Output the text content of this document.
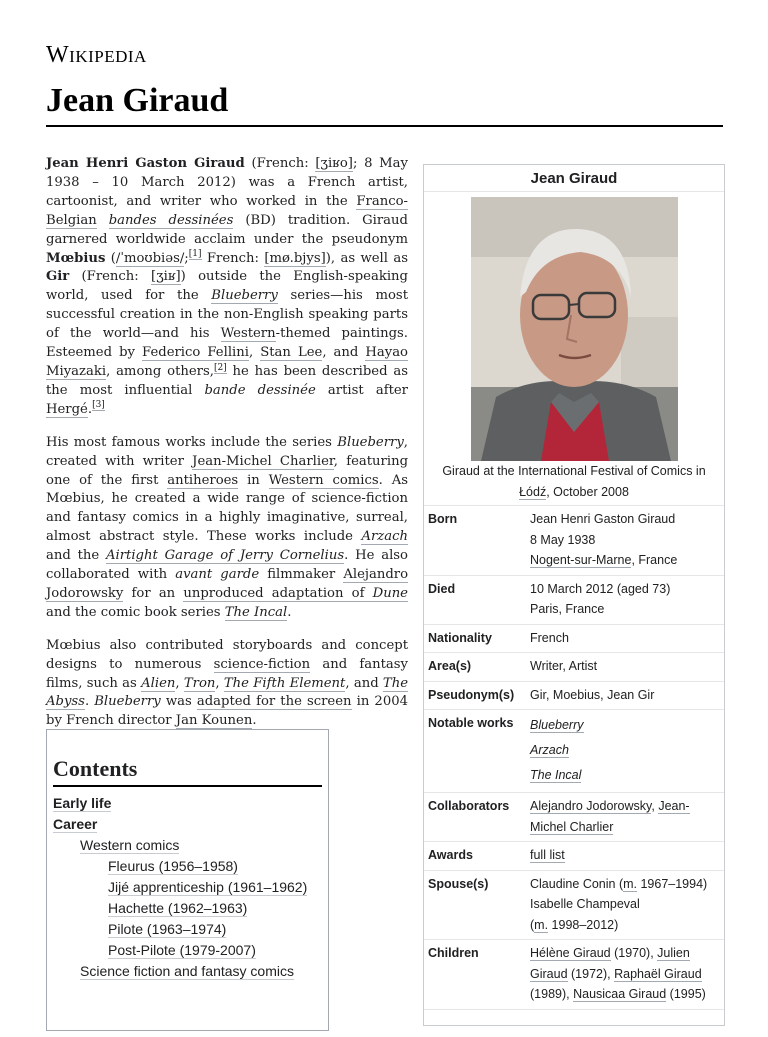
Wikipedia
Jean Giraud

Jean Henri Gaston Giraud (French: [ʒiʁo]; 8 May 1938 – 10 March 2012) was a French artist, cartoonist, and writer who worked in the Franco-Belgian bandes dessinées (BD) tradition. Giraud garnered worldwide acclaim under the pseudonym Mœbius (/ˈmoʊbiəs/;[1] French: [mø.bjys]), as well as Gir (French: [ʒiʁ]) outside the English-speaking world, used for the Blueberry series—his most successful creation in the non-English speaking parts of the world—and his Western-themed paintings. Esteemed by Federico Fellini, Stan Lee, and Hayao Miyazaki, among others,[2] he has been described as the most influential bande dessinée artist after Hergé.[3]

His most famous works include the series Blueberry, created with writer Jean-Michel Charlier, featuring one of the first antiheroes in Western comics. As Mœbius, he created a wide range of science-fiction and fantasy comics in a highly imaginative, surreal, almost abstract style. These works include Arzach and the Airtight Garage of Jerry Cornelius. He also collaborated with avant garde filmmaker Alejandro Jodorowsky for an unproduced adaptation of Dune and the comic book series The Incal.

Mœbius also contributed storyboards and concept designs to numerous science-fiction and fantasy films, such as Alien, Tron, The Fifth Element, and The Abyss. Blueberry was adapted for the screen in 2004 by French director Jan Kounen.

Contents
Early life
Career
Western comics
Fleurus (1956–1958)
Jijé apprenticeship (1961–1962)
Hachette (1962–1963)
Pilote (1963–1974)
Post-Pilote (1979-2007)
Science fiction and fantasy comics
Jean Giraud
Giraud at the International Festival of Comics in Łódź, October 2008
Born	Jean Henri Gaston Giraud
8 May 1938
Nogent-sur-Marne, France
Died	10 March 2012 (aged 73)
Paris, France
Nationality	French
Area(s)	Writer, Artist
Pseudonym(s)	Gir, Moebius, Jean Gir
Notable works	Blueberry
Arzach
The Incal
Collaborators	Alejandro Jodorowsky, Jean-Michel Charlier
Awards	full list
Spouse(s)	Claudine Conin (m. 1967–1994)
Isabelle Champeval
(m. 1998–2012)
Children	Hélène Giraud (1970), Julien Giraud (1972), Raphaël Giraud (1989), Nausicaa Giraud (1995)
